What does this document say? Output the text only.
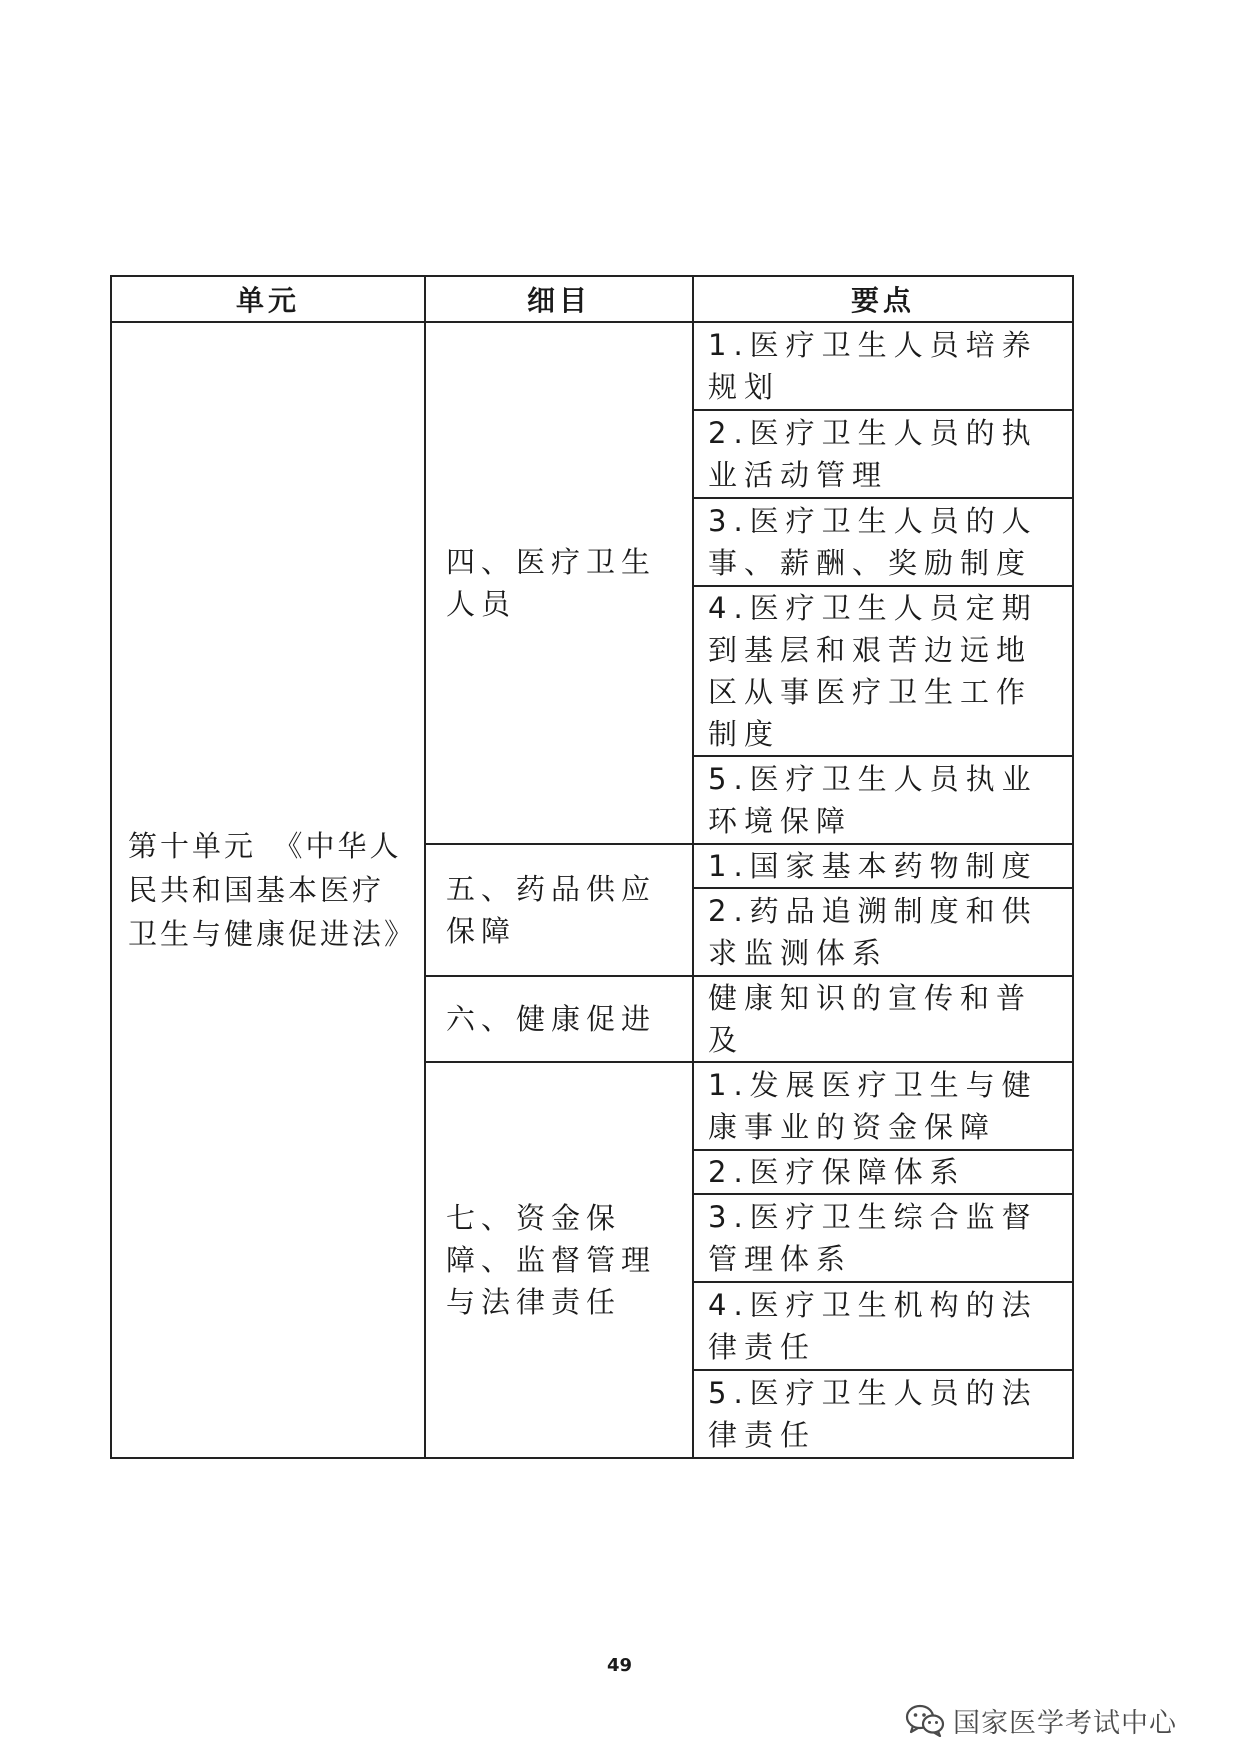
单元	细目	要点
第十单元　《中华人民共和国基本医疗卫生与健康促进法》	四、医疗卫生人员	1.医疗卫生人员培养规划
		2.医疗卫生人员的执业活动管理
		3.医疗卫生人员的人事、薪酬、奖励制度
		4.医疗卫生人员定期到基层和艰苦边远地区从事医疗卫生工作制度
		5.医疗卫生人员执业环境保障
	五、药品供应保障	1.国家基本药物制度
		2.药品追溯制度和供求监测体系
	六、健康促进	健康知识的宣传和普及
	七、资金保障、监督管理与法律责任	1.发展医疗卫生与健康事业的资金保障
		2.医疗保障体系
		3.医疗卫生综合监督管理体系
		4.医疗卫生机构的法律责任
		5.医疗卫生人员的法律责任
49
国家医学考试中心
